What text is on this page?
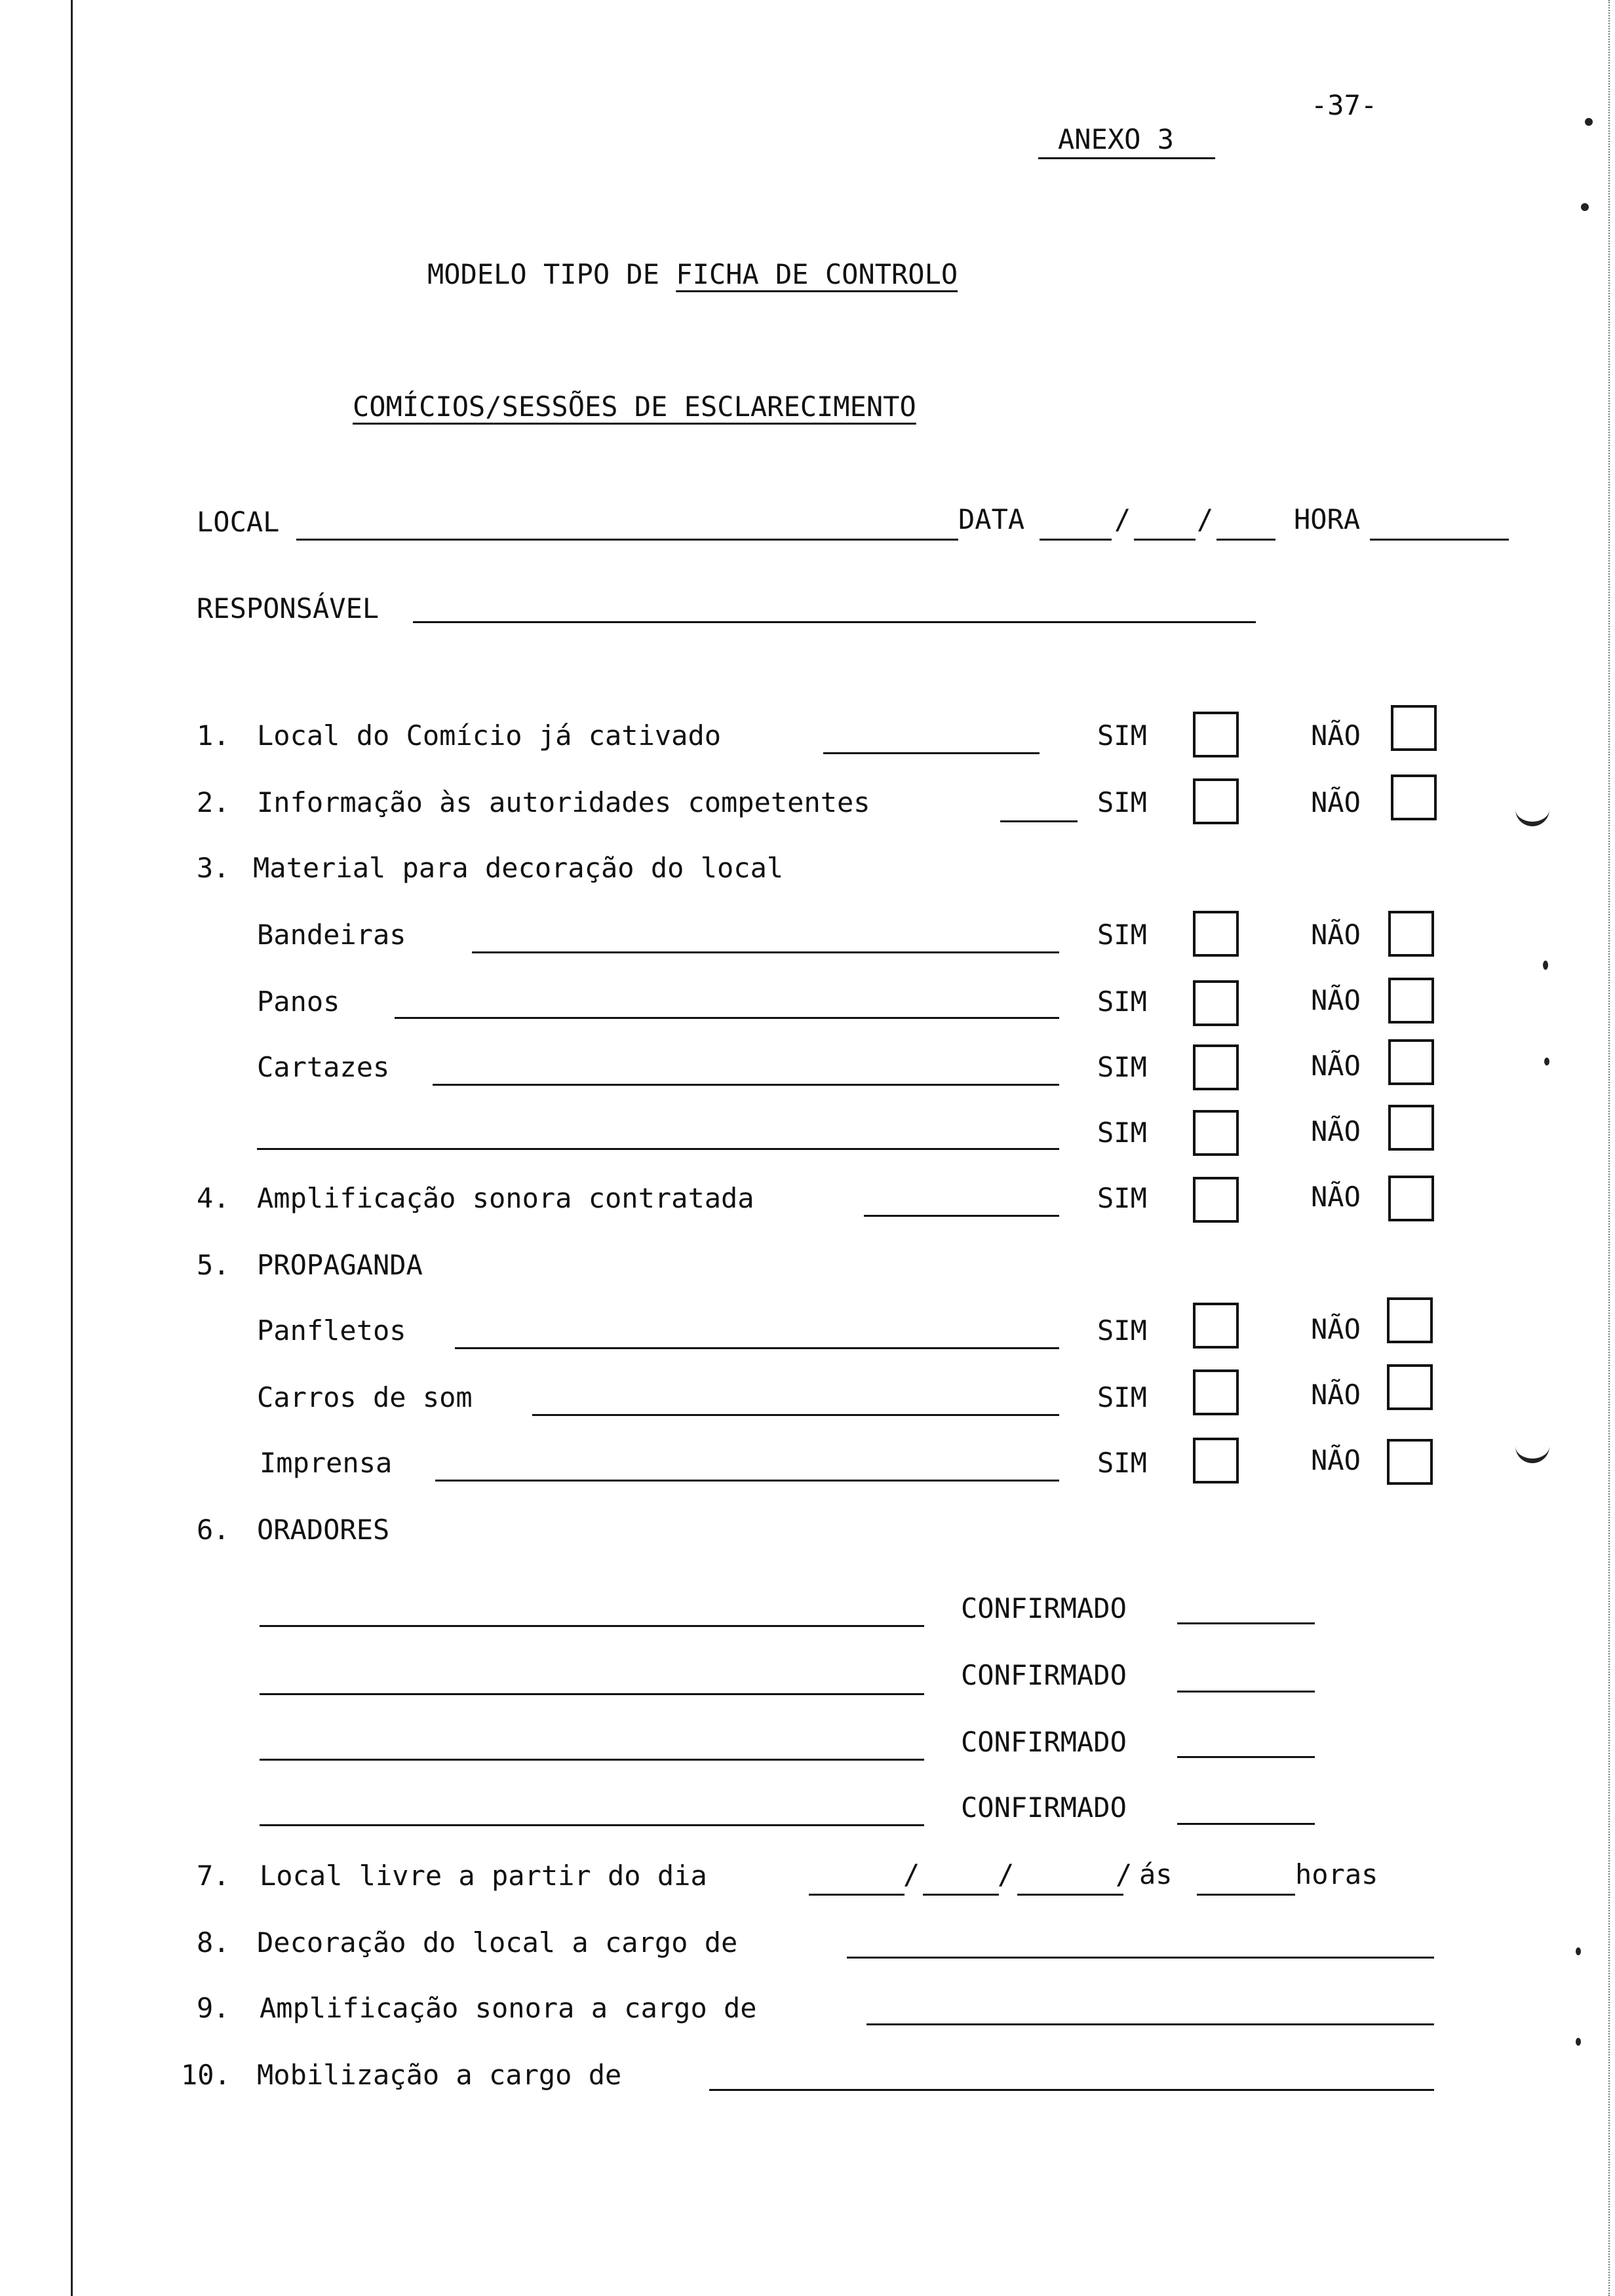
-37-
ANEXO 3
MODELO TIPO DE FICHA DE CONTROLO
COMÍCIOS/SESSÕES DE ESCLARECIMENTO
LOCAL	DATA	/ /	HORA
RESPONSÁVEL
1. Local do Comício já cativado	SIM	NÃO
2. Informação às autoridades competentes	SIM	NÃO
3. Material para decoração do local
Bandeiras	SIM	NÃO
Panos	SIM	NÃO
Cartazes	SIM	NÃO
SIM	NÃO
4. Amplificação sonora contratada	SIM	NÃO
5. PROPAGANDA
Panfletos	SIM	NÃO
Carros de som	SIM	NÃO
Imprensa	SIM	NÃO
6. ORADORES
CONFIRMADO
CONFIRMADO
CONFIRMADO
CONFIRMADO
7. Local livre a partir do dia	/	/	/ ás	horas
8. Decoração do local a cargo de
9. Amplificação sonora a cargo de
10. Mobilização a cargo de
